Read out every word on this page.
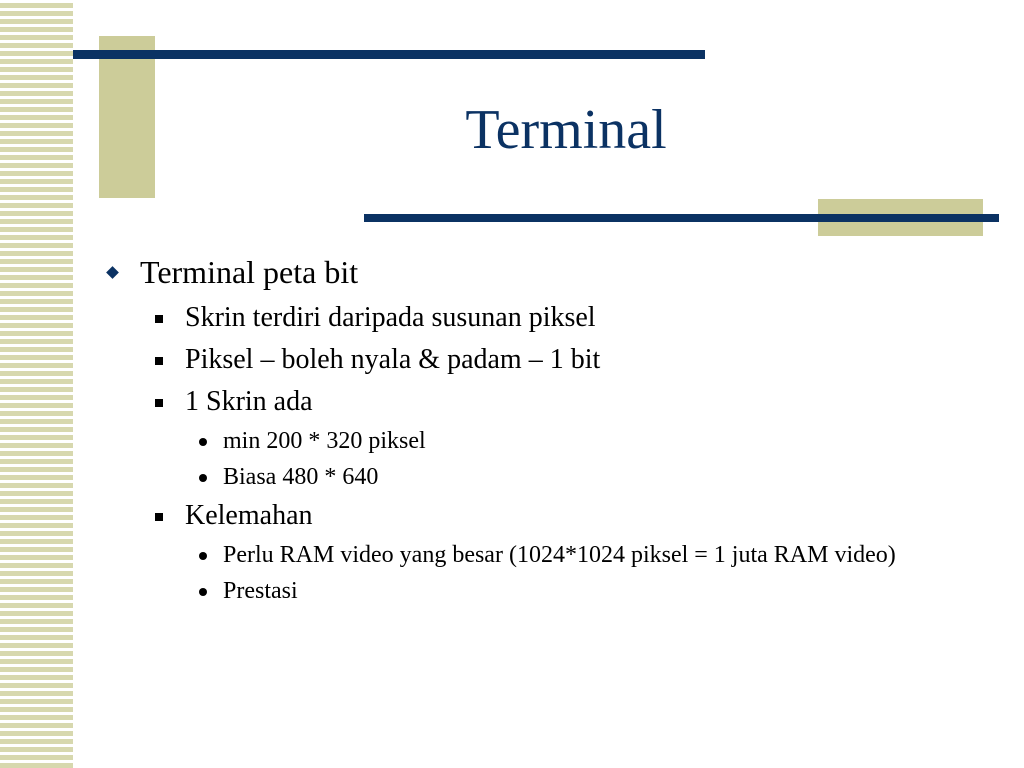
Terminal
Terminal peta bit
Skrin terdiri daripada susunan piksel
Piksel – boleh nyala & padam – 1 bit
1 Skrin ada
min 200 * 320 piksel
Biasa 480 * 640
Kelemahan
Perlu RAM video yang besar (1024*1024 piksel = 1 juta RAM video)
Prestasi
